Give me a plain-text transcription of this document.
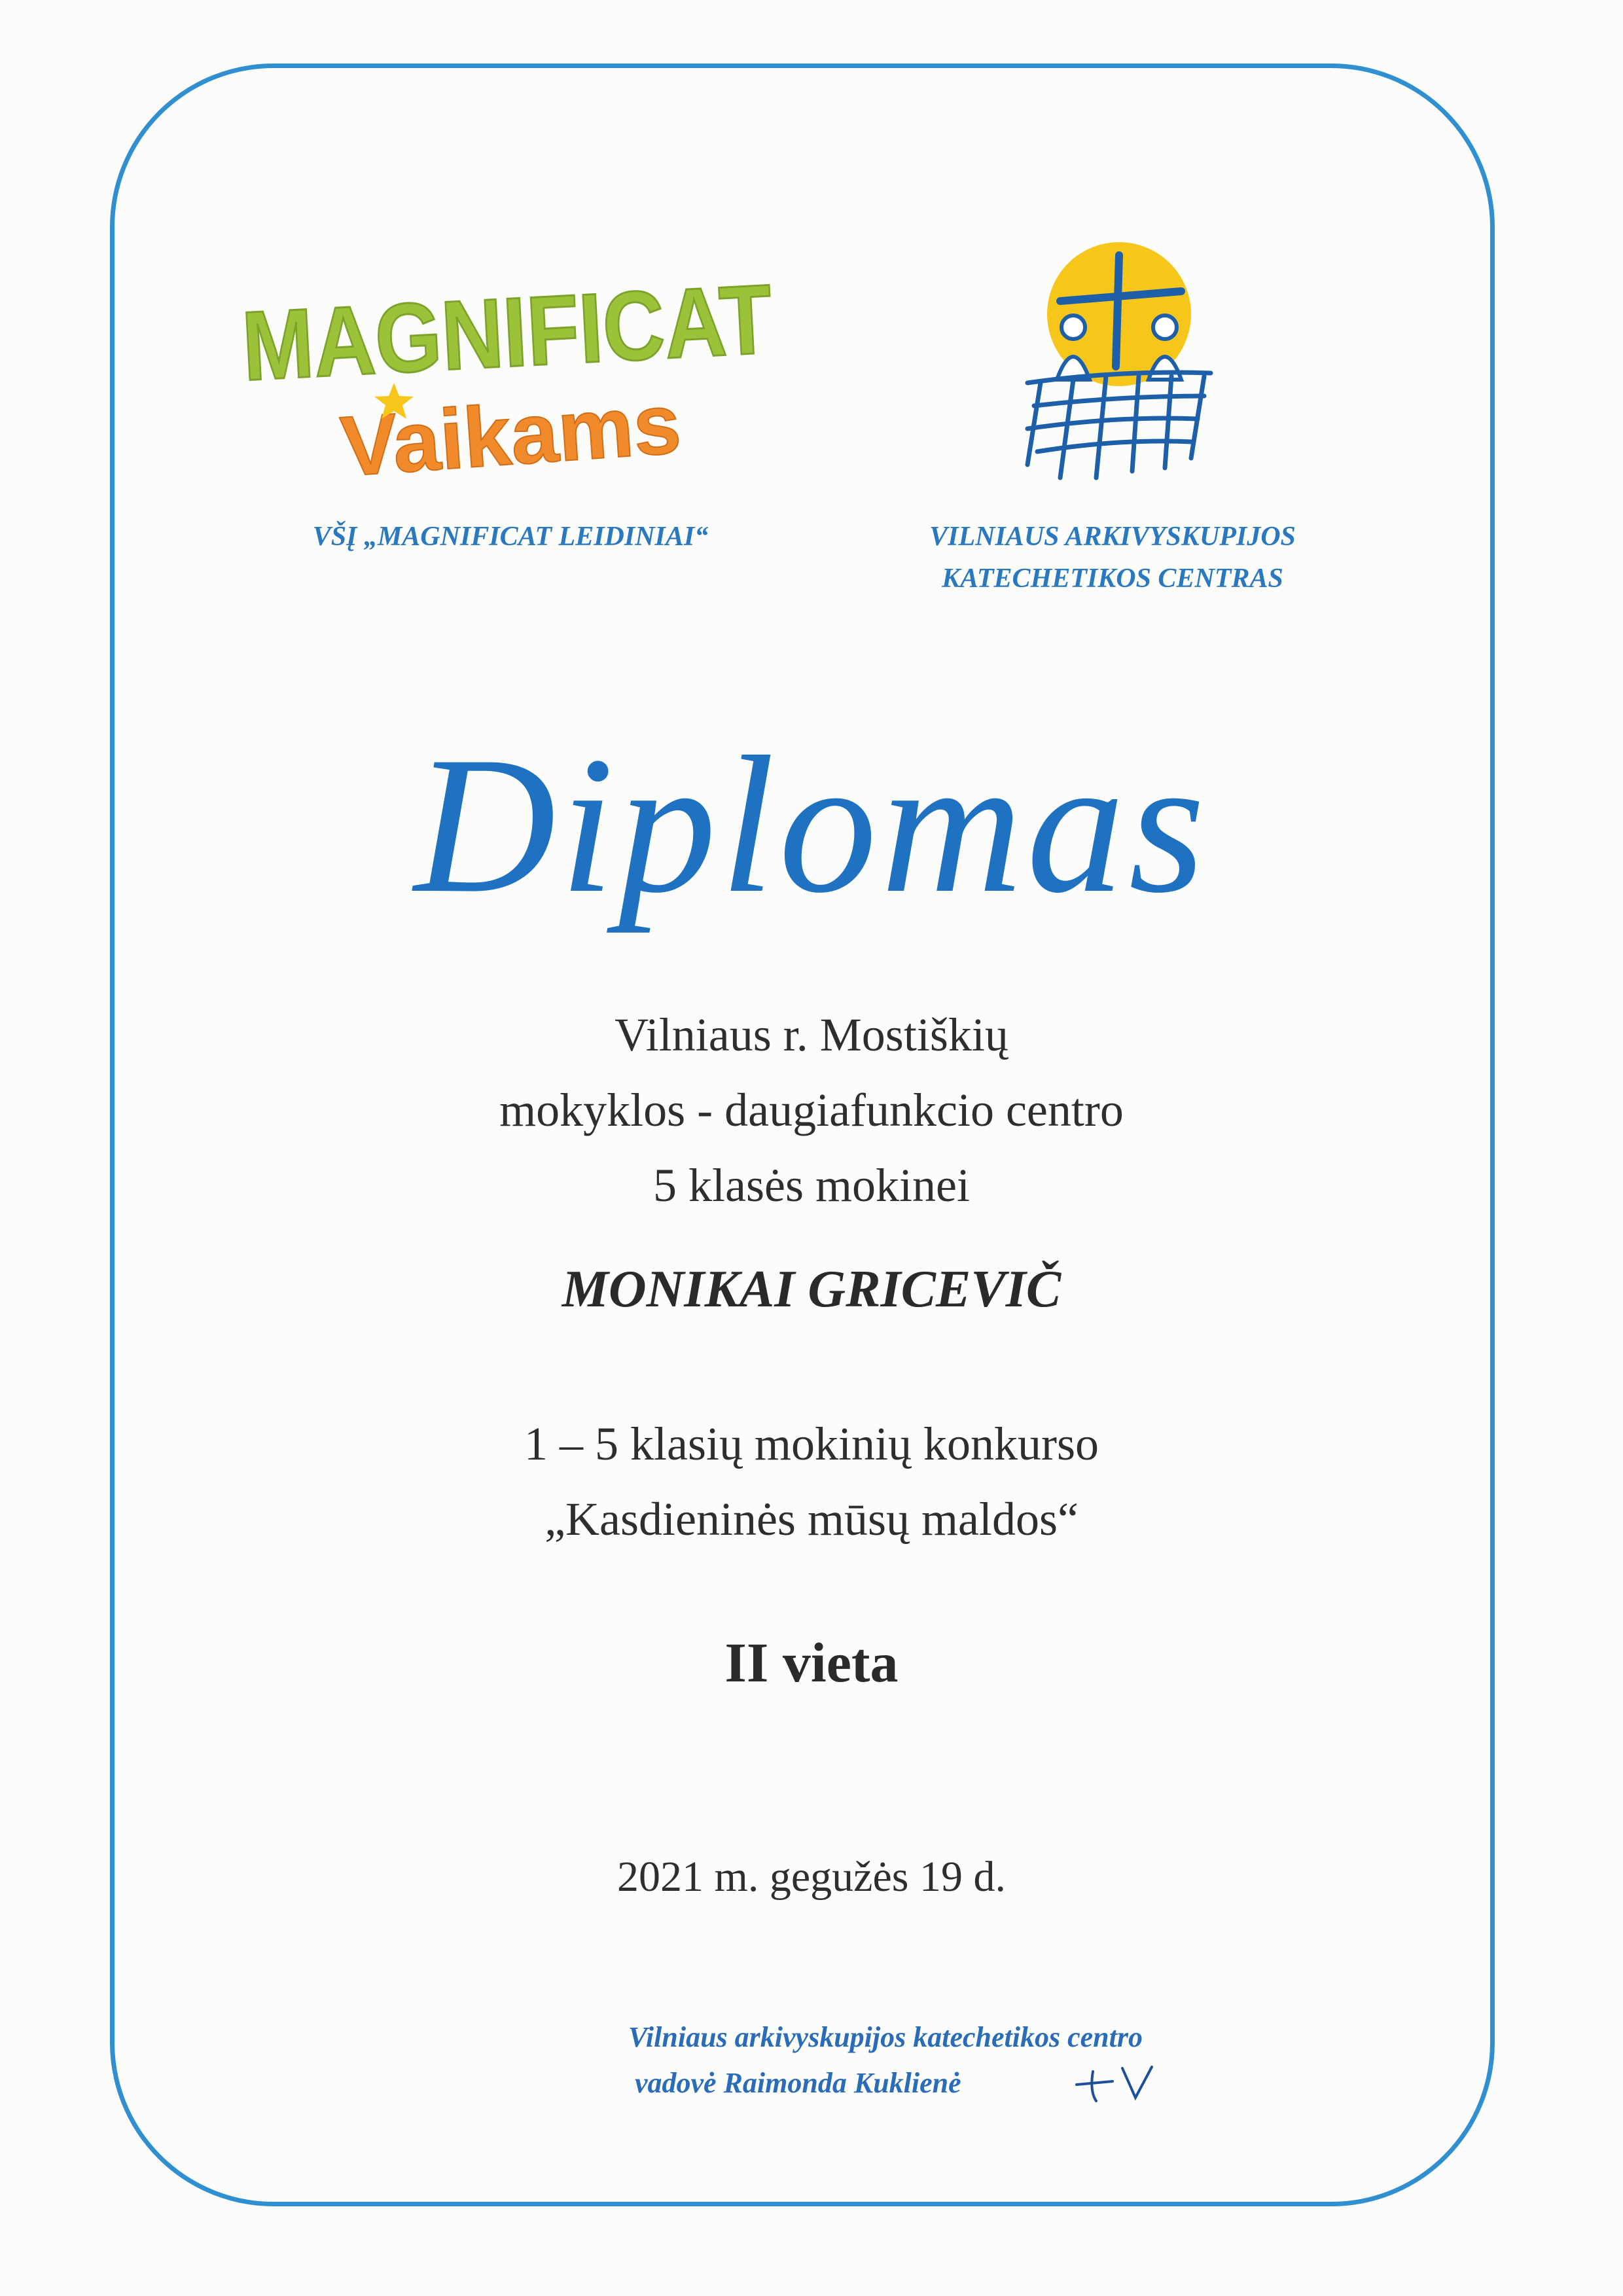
MAGNIFICAT
Vaikams
VŠĮ „MAGNIFICAT LEIDINIAI“	VILNIAUS ARKIVYSKUPIJOS
KATECHETIKOS CENTRAS
Diplomas
Vilniaus r. Mostiškių
mokyklos - daugiafunkcio centro
5 klasės mokinei
MONIKAI GRICEVIČ
1 – 5 klasių mokinių konkurso
„Kasdieninės mūsų maldos“
II vieta
2021 m. gegužės 19 d.
Vilniaus arkivyskupijos katechetikos centro
vadovė Raimonda Kuklienė
